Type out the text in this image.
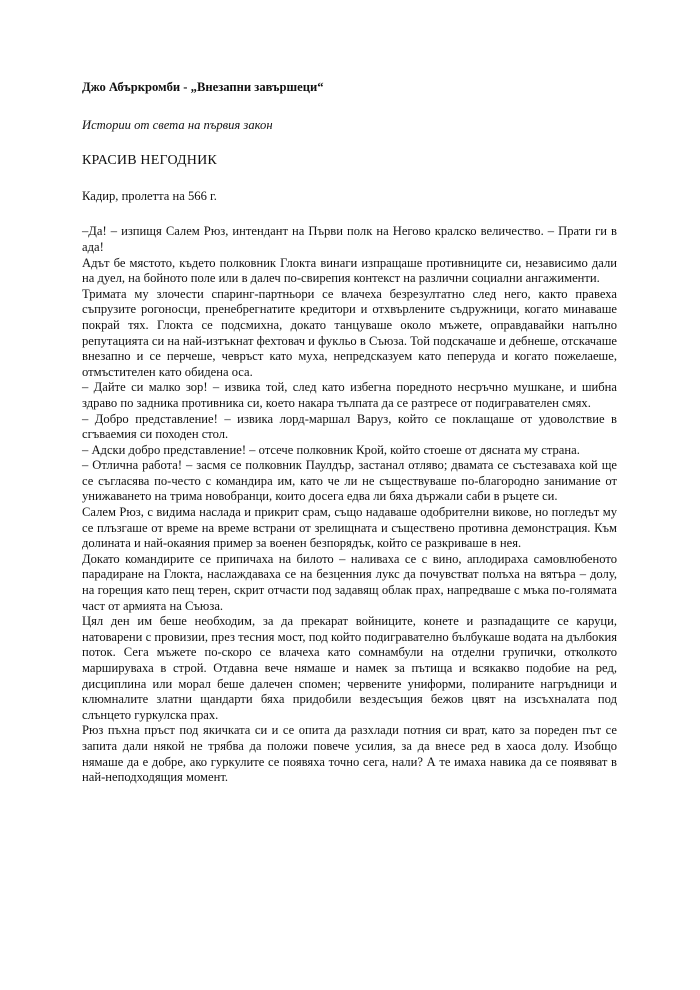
Джо Абъркромби - „Внезапни завършеци“

Истории от света на първия закон

КРАСИВ НЕГОДНИК

Кадир, пролетта на 566 г.

–Да! – изпищя Салем Рюз, интендант на Първи полк на Негово кралско величество. – Прати ги в ада!

Адът бе мястото, където полковник Глокта винаги изпращаше противниците си, независимо дали на дуел, на бойното поле или в далеч по-свирепия контекст на различни социални ангажименти.

Тримата му злочести спаринг-партньори се влачеха безрезултатно след него, както правеха съпрузите рогоносци, пренебрегнатите кредитори и отхвърлените съдружници, когато минаваше покрай тях. Глокта се подсмихна, докато танцуваше около мъжете, оправдавайки напълно репутацията си на най-изтъкнат фехтовач и фукльо в Съюза. Той подскачаше и дебнеше, отскачаше внезапно и се перчеше, чевръст като муха, непредсказуем като пеперуда и когато пожелаеше, отмъстителен като обидена оса.

– Дайте си малко зор! – извика той, след като избегна поредното несръчно мушкане, и шибна здраво по задника противника си, което накара тълпата да се разтресе от подигравателен смях.

– Добро представление! – извика лорд-маршал Варуз, който се поклащаше от удоволствие в сгъваемия си походен стол.

– Адски добро представление! – отсече полковник Крой, който стоеше от дясната му страна.

– Отлична работа! – засмя се полковник Паулдър, застанал отляво; двамата се състезаваха кой ще се съгласява по-често с командира им, като че ли не съществуваше по-благородно занимание от унижаването на трима новобранци, които досега едва ли бяха държали саби в ръцете си.

Салем Рюз, с видима наслада и прикрит срам, също надаваше одобрителни викове, но погледът му се плъзгаше от време на време встрани от зрелищната и съществено противна демонстрация. Към долината и най-окаяния пример за военен безпорядък, който се разкриваше в нея.

Докато командирите се припичаха на билото – наливаха се с вино, аплодираха самовлюбеното парадиране на Глокта, наслаждаваха се на безценния лукс да почувстват полъха на вятъра – долу, на горещия като пещ терен, скрит отчасти под задавящ облак прах, напредваше с мъка по-голямата част от армията на Съюза.

Цял ден им беше необходим, за да прекарат войниците, конете и разпадащите се каруци, натоварени с провизии, през тесния мост, под който подигравателно бълбукаше водата на дълбокия поток. Сега мъжете по-скоро се влачеха като сомнамбули на отделни групички, отколкото маршируваха в строй. Отдавна вече нямаше и намек за пътища и всякакво подобие на ред, дисциплина или морал беше далечен спомен; червените униформи, полираните нагръдници и клюмналите златни щандарти бяха придобили вездесъщия бежов цвят на изсъхналата под слънцето гуркулска прах.

Рюз пъхна пръст под якичката си и се опита да разхлади потния си врат, като за пореден път се запита дали някой не трябва да положи повече усилия, за да внесе ред в хаоса долу. Изобщо нямаше да е добре, ако гуркулите се появяха точно сега, нали? А те имаха навика да се появяват в най-неподходящия момент.
